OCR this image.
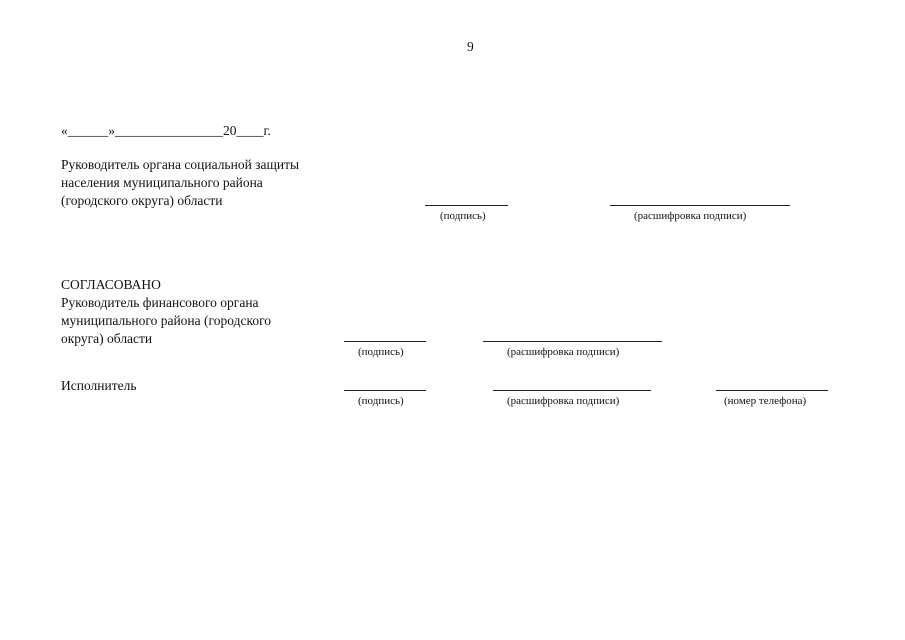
9
«______»________________20____г.
Руководитель органа социальной защиты
населения муниципального района
(городского округа) области
(подпись)	(расшифровка подписи)
СОГЛАСОВАНО
Руководитель финансового органа
муниципального района (городского
округа) области
(подпись)	(расшифровка подписи)
Исполнитель
(подпись)	(расшифровка подписи)	(номер телефона)
